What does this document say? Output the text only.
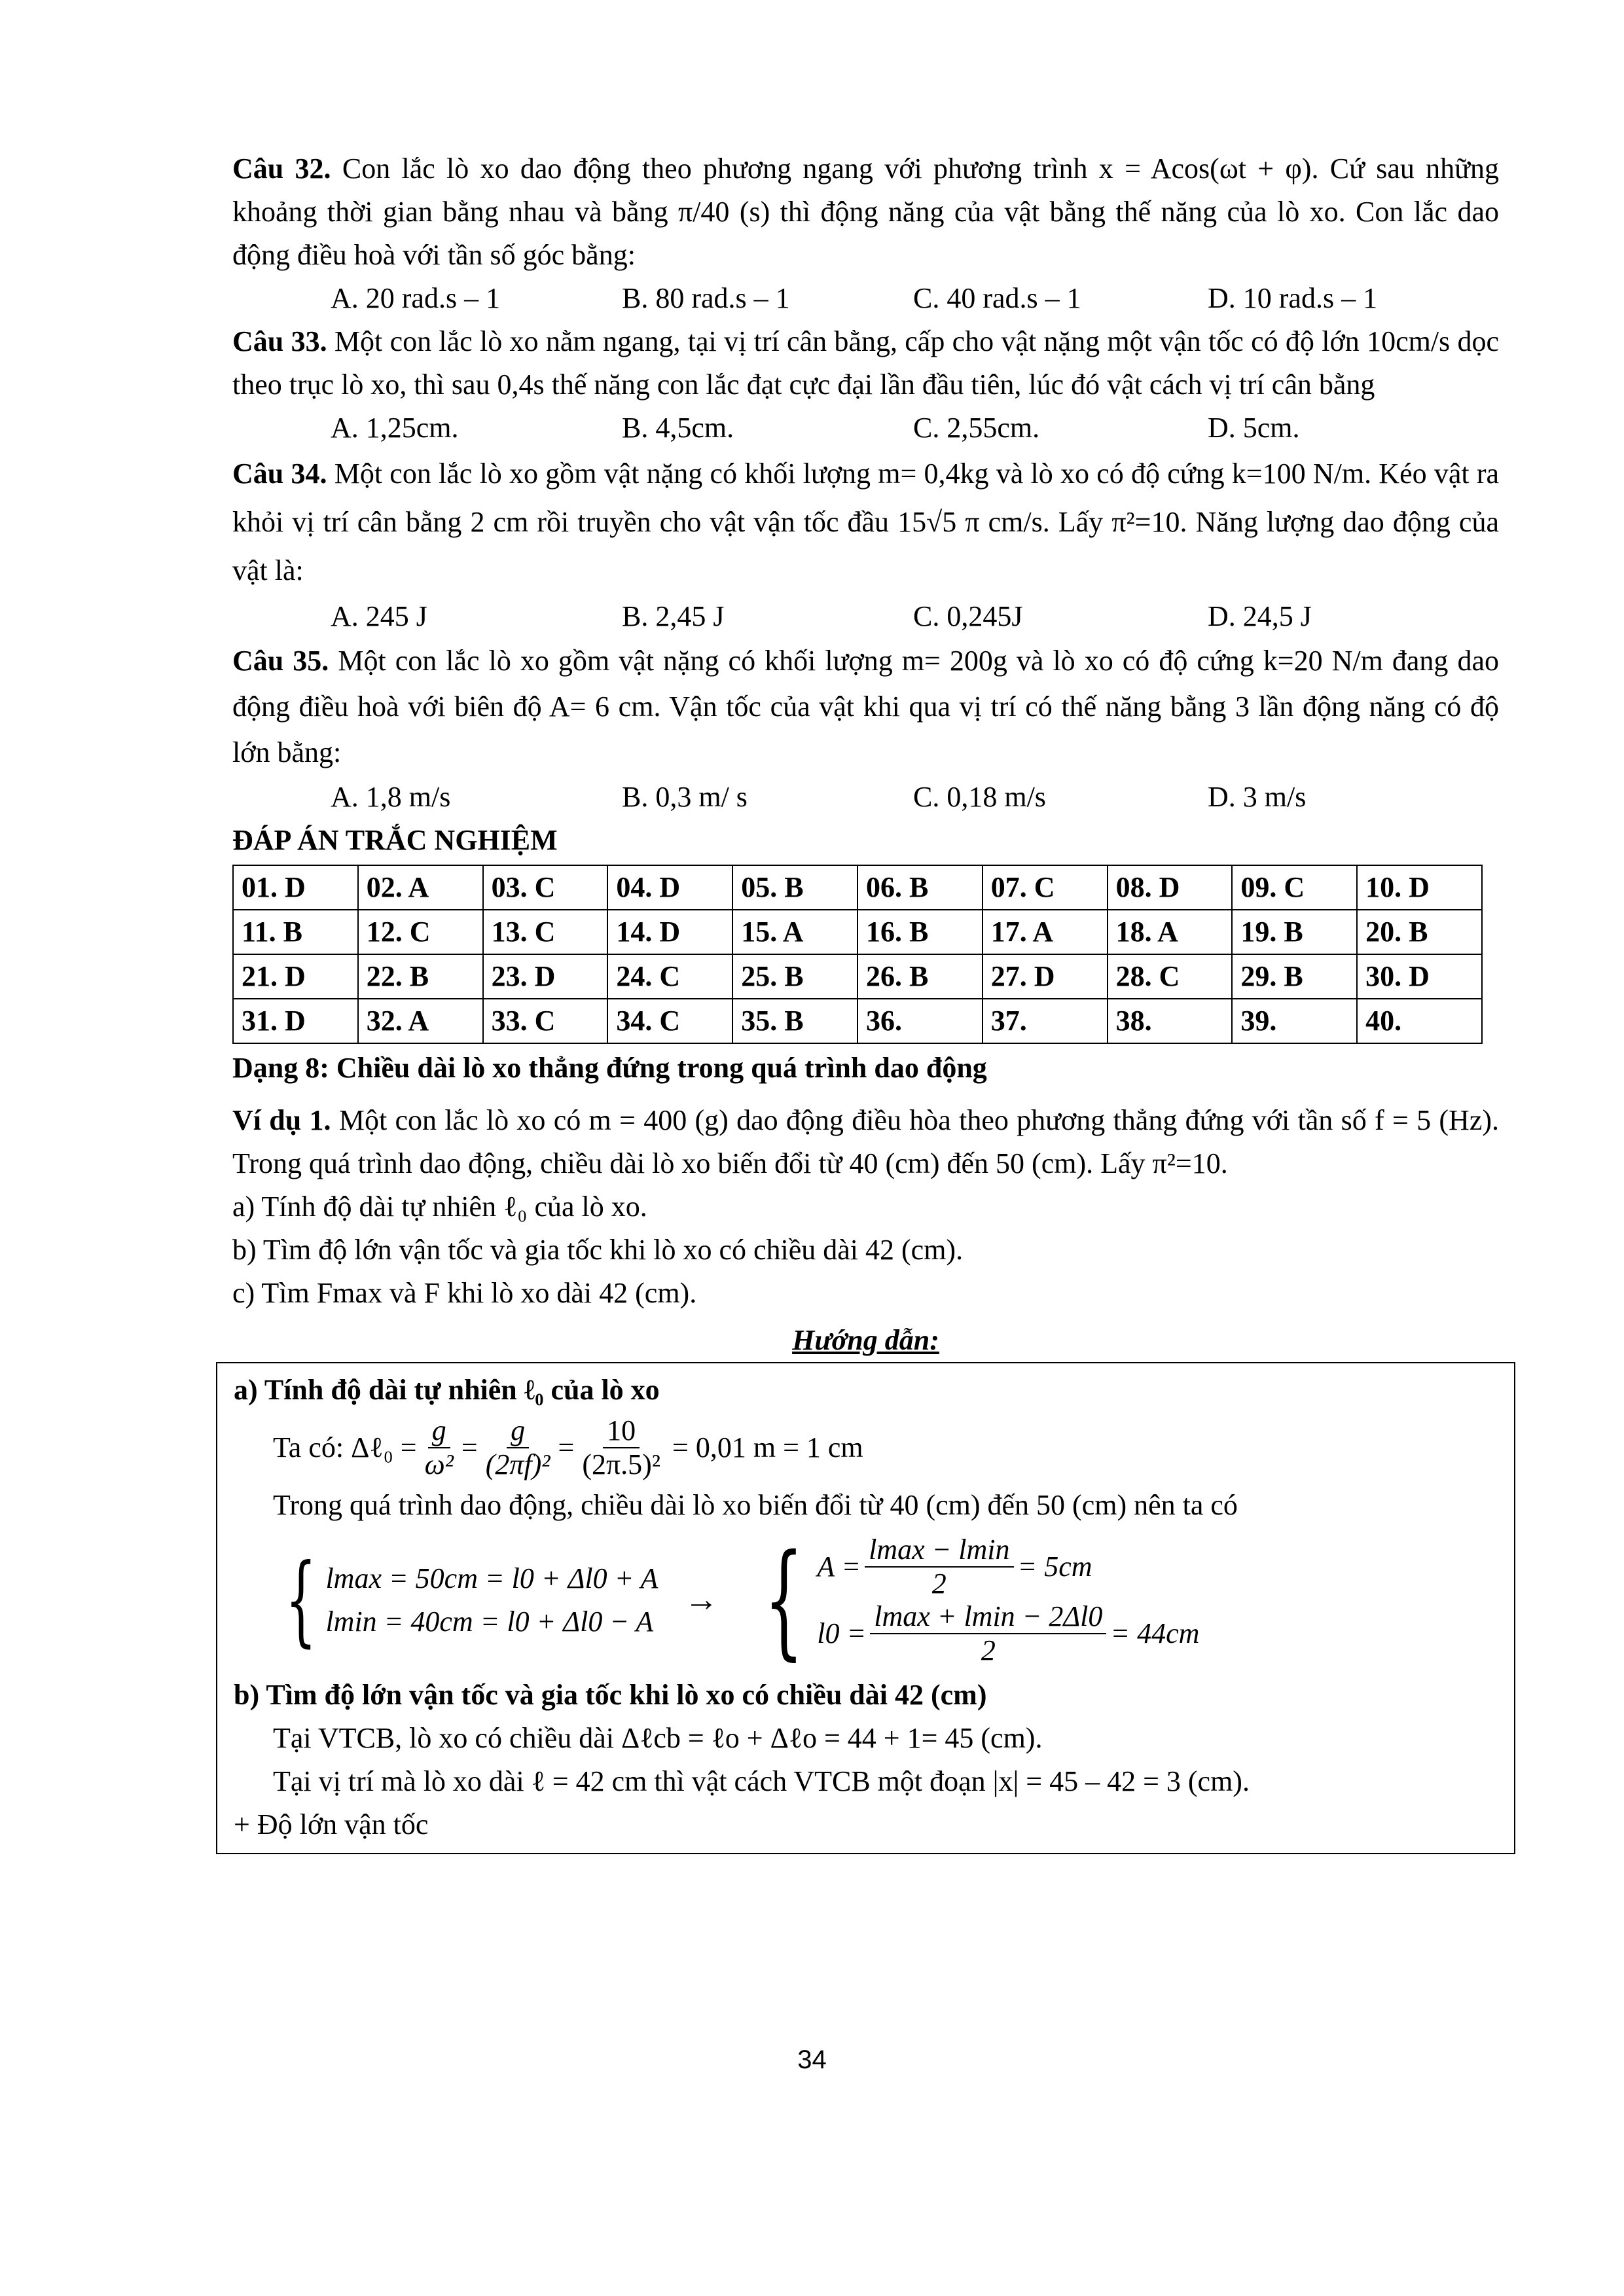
Câu 32. Con lắc lò xo dao động theo phương ngang với phương trình x = Acos(ωt + φ). Cứ sau những khoảng thời gian bằng nhau và bằng π/40 (s) thì động năng của vật bằng thế năng của lò xo. Con lắc dao động điều hoà với tần số góc bằng:

A. 20 rad.s – 1	B. 80 rad.s – 1	C. 40 rad.s – 1	D. 10 rad.s – 1

Câu 33. Một con lắc lò xo nằm ngang, tại vị trí cân bằng, cấp cho vật nặng một vận tốc có độ lớn 10cm/s dọc theo trục lò xo, thì sau 0,4s thế năng con lắc đạt cực đại lần đầu tiên, lúc đó vật cách vị trí cân bằng

A. 1,25cm.	B. 4,5cm.	C. 2,55cm.	D. 5cm.

Câu 34. Một con lắc lò xo gồm vật nặng có khối lượng m= 0,4kg và lò xo có độ cứng k=100 N/m. Kéo vật ra khỏi vị trí cân bằng 2 cm rồi truyền cho vật vận tốc đầu 15√5 π cm/s. Lấy π²=10. Năng lượng dao động của vật là:

A. 245 J	B. 2,45 J	C. 0,245J	D. 24,5 J

Câu 35. Một con lắc lò xo gồm vật nặng có khối lượng m= 200g và lò xo có độ cứng k=20 N/m đang dao động điều hoà với biên độ A= 6 cm. Vận tốc của vật khi qua vị trí có thế năng bằng 3 lần động năng có độ lớn bằng:

A. 1,8 m/s	B. 0,3 m/ s	C. 0,18 m/s	D. 3 m/s
ĐÁP ÁN TRẮC NGHIỆM
01. D	02. A	03. C	04. D	05. B	06. B	07. C	08. D	09. C	10. D
11. B	12. C	13. C	14. D	15. A	16. B	17. A	18. A	19. B	20. B
21. D	22. B	23. D	24. C	25. B	26. B	27. D	28. C	29. B	30. D
31. D	32. A	33. C	34. C	35. B	36.	37.	38.	39.	40.
Dạng 8: Chiều dài lò xo thẳng đứng trong quá trình dao động

Ví dụ 1. Một con lắc lò xo có m = 400 (g) dao động điều hòa theo phương thẳng đứng với tần số f = 5 (Hz). Trong quá trình dao động, chiều dài lò xo biến đổi từ 40 (cm) đến 50 (cm). Lấy π²=10.

a) Tính độ dài tự nhiên ℓ₀ của lò xo.

b) Tìm độ lớn vận tốc và gia tốc khi lò xo có chiều dài 42 (cm).

c) Tìm Fmax và F khi lò xo dài 42 (cm).

Hướng dẫn:

a) Tính độ dài tự nhiên ℓ₀ của lò xo

Ta có: Δℓ₀ = $\frac{g}{\text{ω²}} = \frac{g}{\text{(2πf)²}} = \frac{10}{\text{(2π.5)²}} = 0,01$ m = 1 cm

Trong quá trình dao động, chiều dài lò xo biến đổi từ 40 (cm) đến 50 (cm) nên ta có

{ lmax = 50cm = l0 + Δl0 + A
lmin = 40cm = l0 + Δl0 − A
→ { $A = \frac{lmax - lmin}{2} = 5cm$
$l0 = \frac{lmax + lmin - 2\Delta l0}{2} = 44cm$

b) Tìm độ lớn vận tốc và gia tốc khi lò xo có chiều dài 42 (cm)

Tại VTCB, lò xo có chiều dài Δℓcb = ℓo + Δℓo = 44 + 1= 45 (cm).

Tại vị trí mà lò xo dài ℓ = 42 cm thì vật cách VTCB một đoạn |x| = 45 – 42 = 3 (cm).

+ Độ lớn vận tốc

34
